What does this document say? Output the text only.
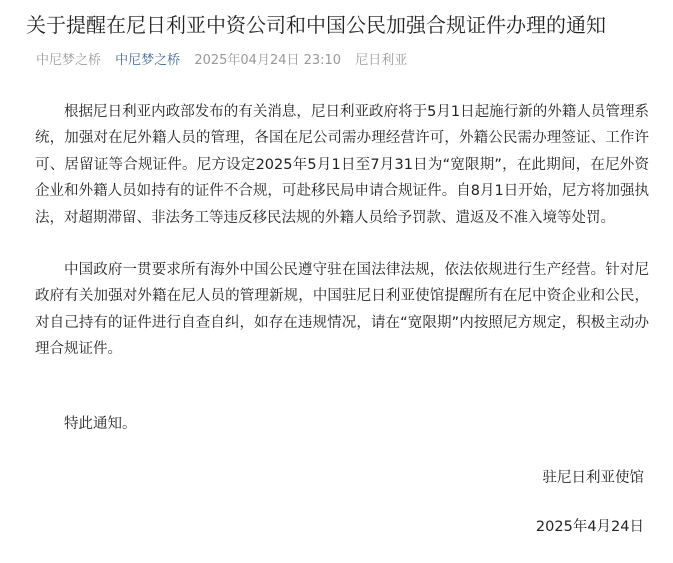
关于提醒在尼日利亚中资公司和中国公民加强合规证件办理的通知
中尼梦之桥 中尼梦之桥 2025年04月24日 23:10 尼日利亚

根据尼日利亚内政部发布的有关消息，尼日利亚政府将于5月1日起施行新的外籍人员管理系统，加强对在尼外籍人员的管理，各国在尼公司需办理经营许可，外籍公民需办理签证、工作许可、居留证等合规证件。尼方设定2025年5月1日至7月31日为“宽限期”，在此期间，在尼外资企业和外籍人员如持有的证件不合规，可赴移民局申请合规证件。自8月1日开始，尼方将加强执法，对超期滞留、非法务工等违反移民法规的外籍人员给予罚款、遣返及不准入境等处罚。

中国政府一贯要求所有海外中国公民遵守驻在国法律法规，依法依规进行生产经营。针对尼政府有关加强对外籍在尼人员的管理新规，中国驻尼日利亚使馆提醒所有在尼中资企业和公民，对自己持有的证件进行自查自纠，如存在违规情况，请在“宽限期”内按照尼方规定，积极主动办理合规证件。

特此通知。
驻尼日利亚使馆
2025年4月24日
